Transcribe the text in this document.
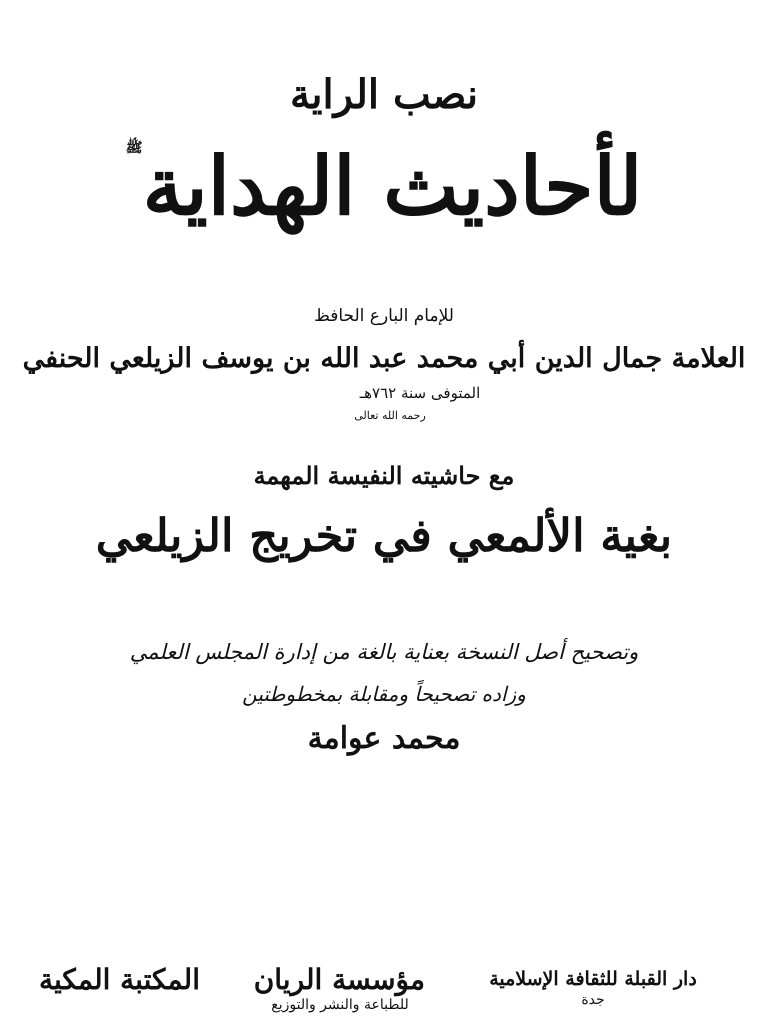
نصب الراية
لأحاديث الهداية$^ﷺ$
للإمام البارع الحافظ
العلامة جمال الدين أبي محمد عبد الله بن يوسف الزيلعي الحنفي
المتوفى سنة ٧٦٢هـ
رحمه الله تعالى
مع حاشيته النفيسة المهمة
بغية الألمعي في تخريج الزيلعي
وتصحيح أصل النسخة بعناية بالغة من إدارة المجلس العلمي
وزاده تصحيحاً ومقابلة بمخطوطتين
محمد عوامة
دار القبلة للثقافة الإسلامية
جدة
مؤسسة الريان
للطباعة والنشر والتوزيع
المكتبة المكية
